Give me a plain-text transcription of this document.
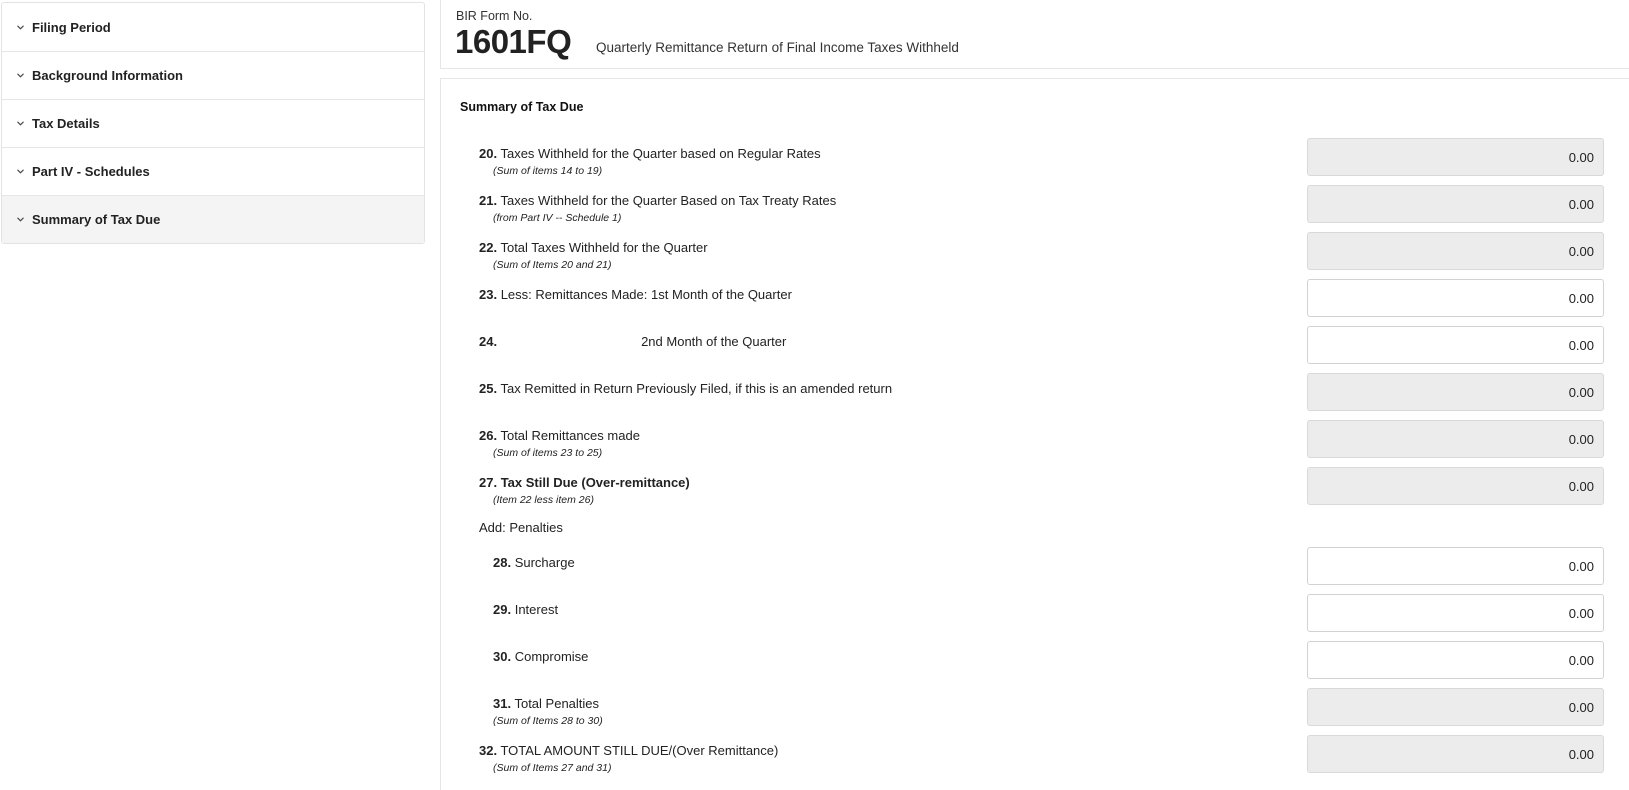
Filing Period
Background Information
Tax Details
Part IV - Schedules
Summary of Tax Due
BIR Form No.
1601FQ Quarterly Remittance Return of Final Income Taxes Withheld
Summary of Tax Due
20. Taxes Withheld for the Quarter based on Regular Rates
(Sum of items 14 to 19)
0.00
21. Taxes Withheld for the Quarter Based on Tax Treaty Rates
(from Part IV -- Schedule 1)
0.00
22. Total Taxes Withheld for the Quarter
(Sum of Items 20 and 21)
0.00
23. Less: Remittances Made: 1st Month of the Quarter
0.00
24.	2nd Month of the Quarter
0.00
25. Tax Remitted in Return Previously Filed, if this is an amended return
0.00
26. Total Remittances made
(Sum of items 23 to 25)
0.00
27. Tax Still Due (Over-remittance)
(Item 22 less item 26)
0.00
Add: Penalties
28. Surcharge
0.00
29. Interest
0.00
30. Compromise
0.00
31. Total Penalties
(Sum of Items 28 to 30)
0.00
32. TOTAL AMOUNT STILL DUE/(Over Remittance)
(Sum of Items 27 and 31)
0.00
